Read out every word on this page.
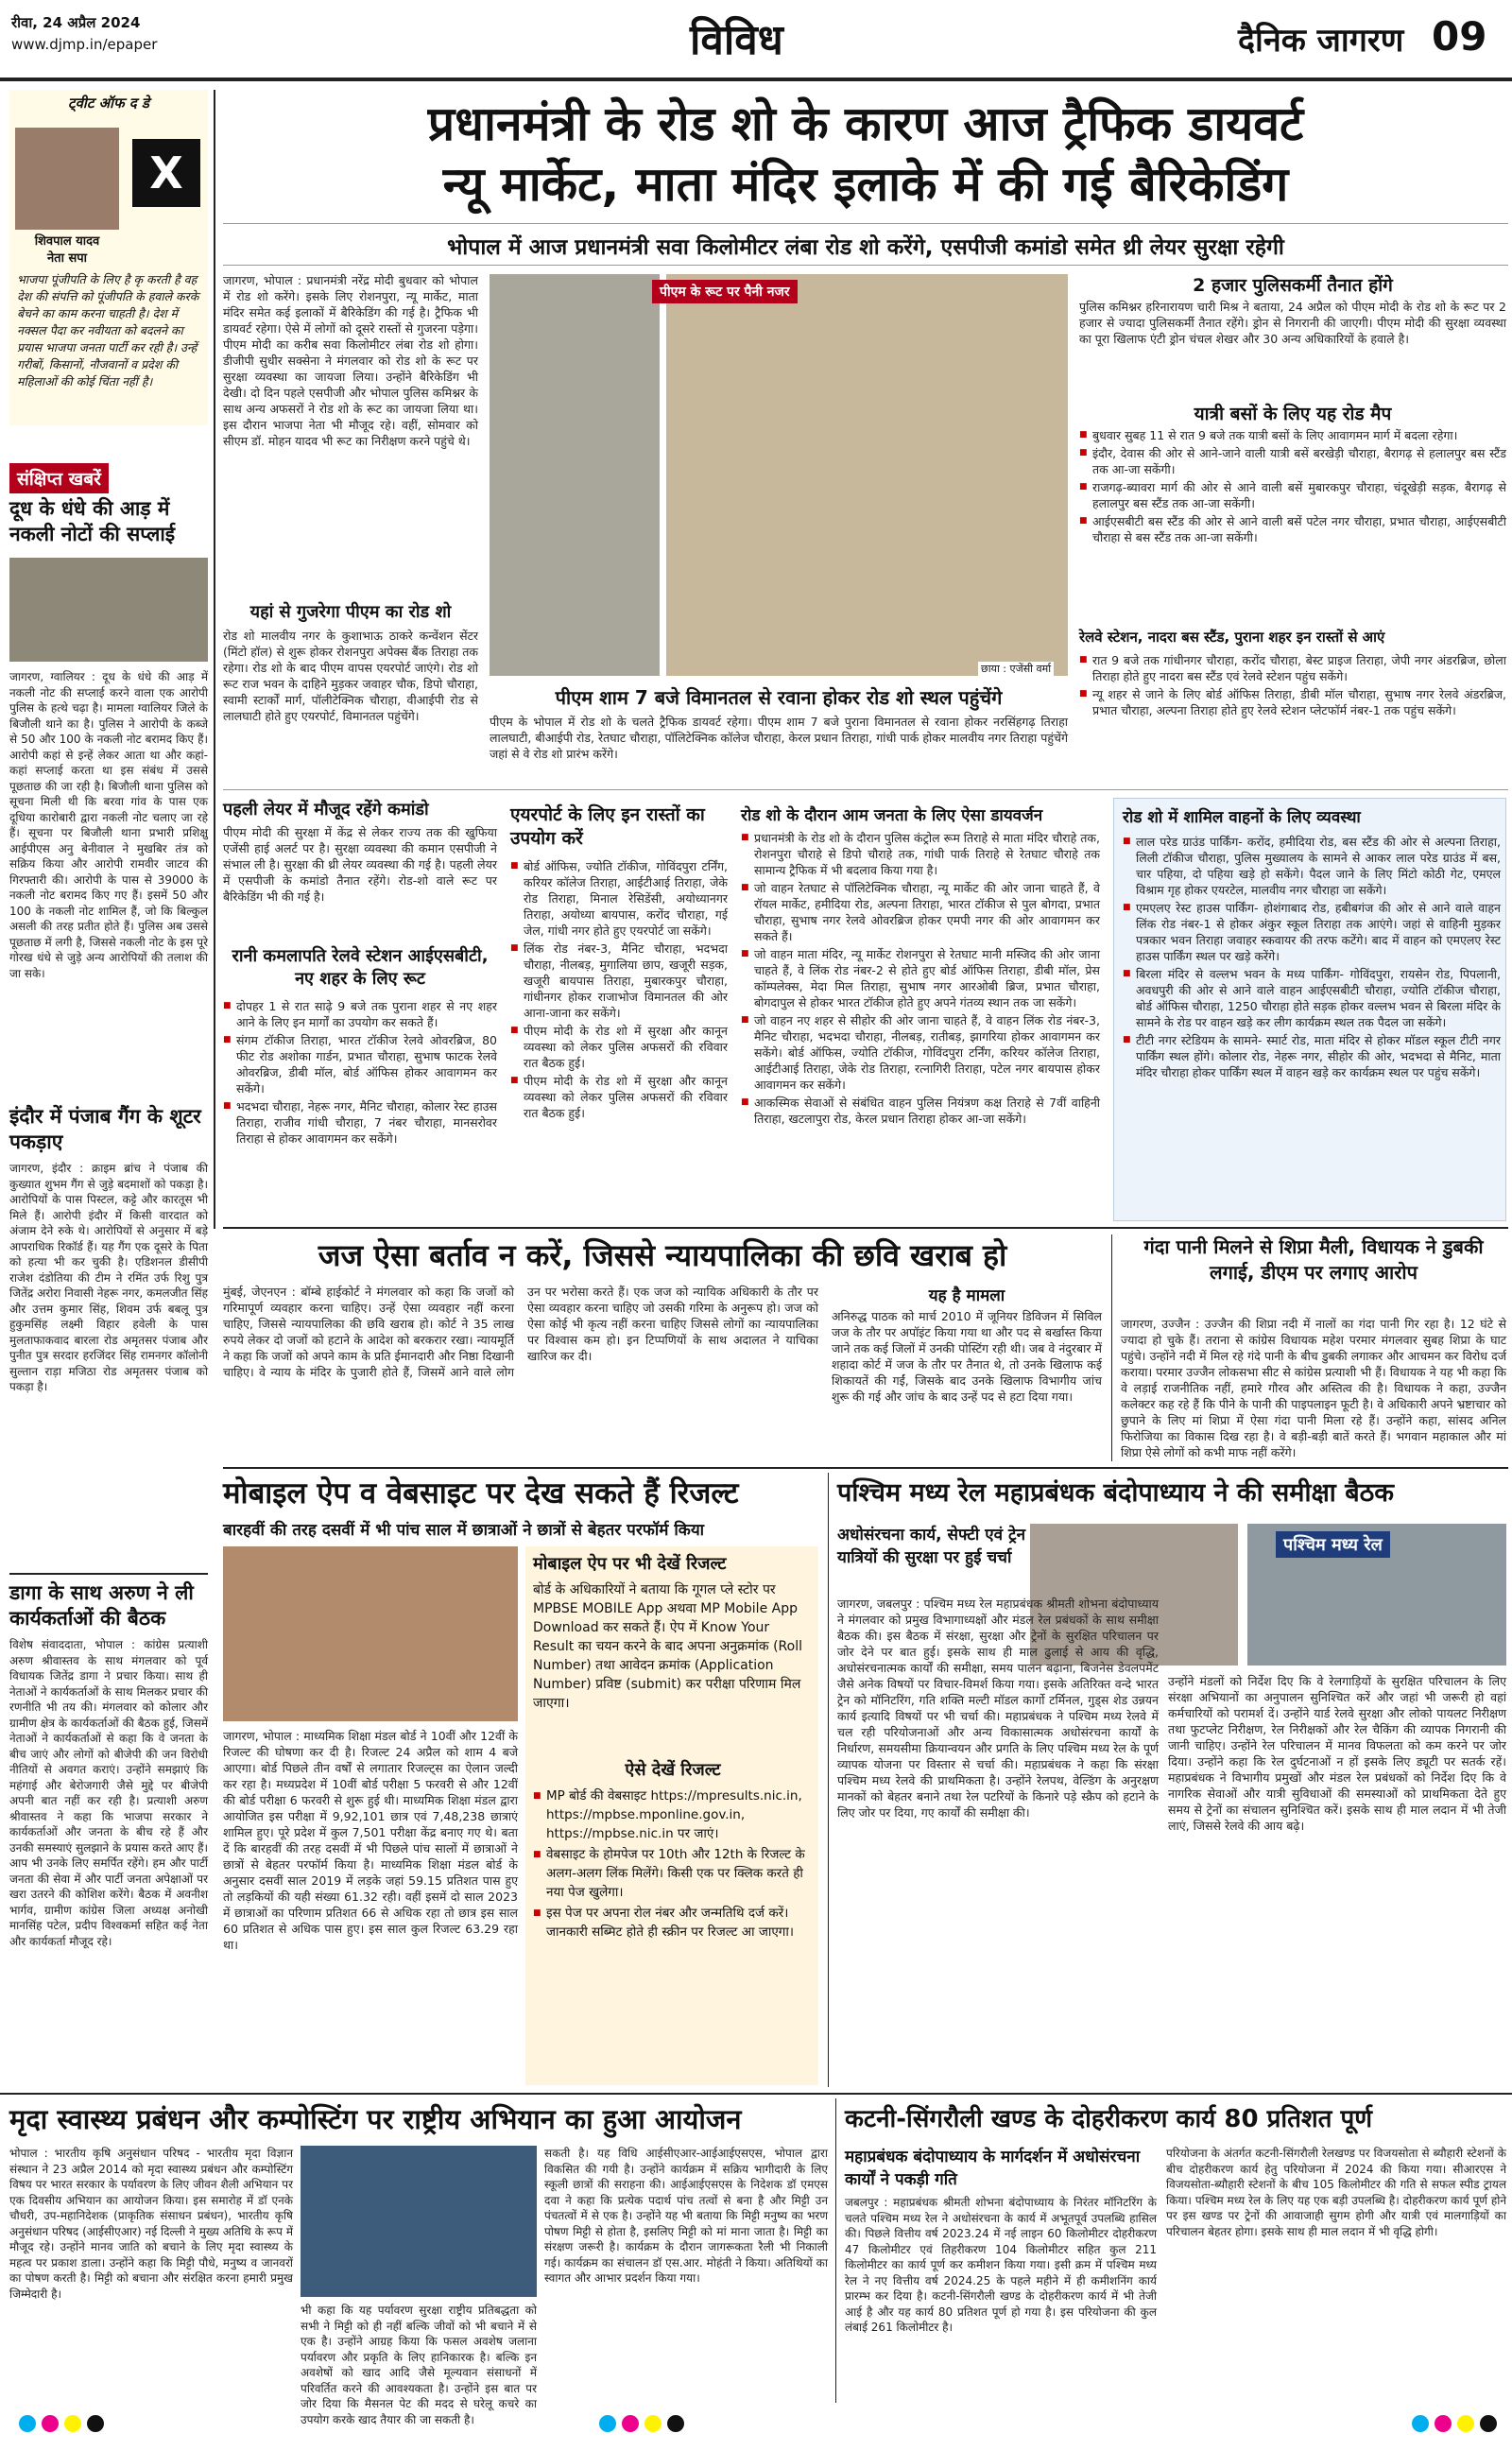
रीवा, 24 अप्रैल 2024
www.djmp.in/epaper	विविध	दैनिक जागरण 09
ट्वीट ऑफ द डे
X
शिवपाल यादव
नेता सपा
भाजपा पूंजीपति के लिए है कृ करती है वह देश की संपत्ति को पूंजीपति के हवाले करके बेचने का काम करना चाहती है। देश में नक्सल पैदा कर नवीयता को बदलने का प्रयास भाजपा जनता पार्टी कर रही है। उन्हें गरीबों, किसानों, नौजवानों व प्रदेश की महिलाओं की कोई चिंता नहीं है।
संक्षिप्त खबरें
दूध के धंधे की आड़ में नकली नोटों की सप्लाई
जागरण, ग्वालियर : दूध के धंधे की आड़ में नकली नोट की सप्लाई करने वाला एक आरोपी पुलिस के हत्थे चढ़ा है। मामला ग्वालियर जिले के बिजौली थाने का है। पुलिस ने आरोपी के कब्जे से 50 और 100 के नकली नोट बरामद किए हैं। आरोपी कहां से इन्हें लेकर आता था और कहां-कहां सप्लाई करता था इस संबंध में उससे पूछताछ की जा रही है। बिजौली थाना पुलिस को सूचना मिली थी कि बरवा गांव के पास एक दूधिया कारोबारी द्वारा नकली नोट चलाए जा रहे हैं। सूचना पर बिजौली थाना प्रभारी प्रशिक्षु आईपीएस अनु बेनीवाल ने मुखबिर तंत्र को सक्रिय किया और आरोपी रामवीर जाटव की गिरफ्तारी की। आरोपी के पास से 39000 के नकली नोट बरामद किए गए हैं। इसमें 50 और 100 के नकली नोट शामिल हैं, जो कि बिल्कुल असली की तरह प्रतीत होते हैं। पुलिस अब उससे पूछताछ में लगी है, जिससे नकली नोट के इस पूरे गोरख धंधे से जुड़े अन्य आरोपियों की तलाश की जा सके।
इंदौर में पंजाब गैंग के शूटर पकड़ाए
जागरण, इंदौर : क्राइम ब्रांच ने पंजाब की कुख्यात शुभम गैंग से जुड़े बदमाशों को पकड़ा है। आरोपियों के पास पिस्टल, कट्टे और कारतूस भी मिले हैं। आरोपी इंदौर में किसी वारदात को अंजाम देने रुके थे। आरोपियों से अनुसार में बड़े आपराधिक रिकॉर्ड हैं। यह गैंग एक दूसरे के पिता को हत्या भी कर चुकी है। एडिशनल डीसीपी राजेश दंडोतिया की टीम ने रमिंत उर्फ रिशु पुत्र जितेंद्र अरोरा निवासी नेहरू नगर, कमलजीत सिंह और उत्तम कुमार सिंह, शिवम उर्फ बबलू पुत्र हुकुमसिंह लक्ष्मी विहार हवेली के पास मुलताफाकवाद बारला रोड अमृतसर पंजाब और पुनीत पुत्र सरदार हरजिंदर सिंह रामनगर कॉलोनी सुल्तान राड़ा मजिठा रोड अमृतसर पंजाब को पकड़ा है।
डागा के साथ अरुण ने ली कार्यकर्ताओं की बैठक
विशेष संवाददाता, भोपाल : कांग्रेस प्रत्याशी अरुण श्रीवास्तव के साथ मंगलवार को पूर्व विधायक जितेंद्र डागा ने प्रचार किया। साथ ही नेताओं ने कार्यकर्ताओं के साथ मिलकर प्रचार की रणनीति भी तय की। मंगलवार को कोलार और ग्रामीण क्षेत्र के कार्यकर्ताओं की बैठक हुई, जिसमें नेताओं ने कार्यकर्ताओं से कहा कि वे जनता के बीच जाएं और लोगों को बीजेपी की जन विरोधी नीतियों से अवगत कराएं। उन्होंने समझाएं कि महंगाई और बेरोजगारी जैसे मुद्दे पर बीजेपी अपनी बात नहीं कर रही है। प्रत्याशी अरुण श्रीवास्तव ने कहा कि भाजपा सरकार ने कार्यकर्ताओं और जनता के बीच रहे हैं और उनकी समस्याएं सुलझाने के प्रयास करते आए हैं। आप भी उनके लिए समर्पित रहेंगे। हम और पार्टी जनता की सेवा में और पार्टी जनता अपेक्षाओं पर खरा उतरने की कोशिश करेंगे। बैठक में अवनीश भार्गव, ग्रामीण कांग्रेस जिला अध्यक्ष अनोखी मानसिंह पटेल, प्रदीप विश्वकर्मा सहित कई नेता और कार्यकर्ता मौजूद रहे।
प्रधानमंत्री के रोड शो के कारण आज ट्रैफिक डायवर्ट
न्यू मार्केट, माता मंदिर इलाके में की गई बैरिकेडिंग
भोपाल में आज प्रधानमंत्री सवा किलोमीटर लंबा रोड शो करेंगे, एसपीजी कमांडो समेत थ्री लेयर सुरक्षा रहेगी
जागरण, भोपाल : प्रधानमंत्री नरेंद्र मोदी बुधवार को भोपाल में रोड शो करेंगे। इसके लिए रोशनपुरा, न्यू मार्केट, माता मंदिर समेत कई इलाकों में बैरिकेडिंग की गई है। ट्रैफिक भी डायवर्ट रहेगा। ऐसे में लोगों को दूसरे रास्तों से गुजरना पड़ेगा। पीएम मोदी का करीब सवा किलोमीटर लंबा रोड शो होगा। डीजीपी सुधीर सक्सेना ने मंगलवार को रोड शो के रूट पर सुरक्षा व्यवस्था का जायजा लिया। उन्होंने बैरिकेडिंग भी देखी। दो दिन पहले एसपीजी और भोपाल पुलिस कमिश्नर के साथ अन्य अफसरों ने रोड शो के रूट का जायजा लिया था। इस दौरान भाजपा नेता भी मौजूद रहे। वहीं, सोमवार को सीएम डॉ. मोहन यादव भी रूट का निरीक्षण करने पहुंचे थे।
यहां से गुजरेगा पीएम का रोड शो
रोड शो मालवीय नगर के कुशाभाऊ ठाकरे कन्वेंशन सेंटर (मिंटो हॉल) से शुरू होकर रोशनपुरा अपेक्स बैंक तिराहा तक रहेगा। रोड शो के बाद पीएम वापस एयरपोर्ट जाएंगे। रोड शो रूट राज भवन के दाहिने मुड़कर जवाहर चौक, डिपो चौराहा, स्वामी स्टार्कों मार्ग, पॉलीटेक्निक चौराहा, वीआईपी रोड से लालघाटी होते हुए एयरपोर्ट, विमानतल पहुंचेंगे।
पीएम के रूट पर पैनी नजर
छाया : एजेंसी वर्मा
पीएम शाम 7 बजे विमानतल से रवाना होकर रोड शो स्थल पहुंचेंगे
पीएम के भोपाल में रोड शो के चलते ट्रैफिक डायवर्ट रहेगा। पीएम शाम 7 बजे पुराना विमानतल से रवाना होकर नरसिंहगढ़ तिराहा लालघाटी, बीआईपी रोड, रेतघाट चौराहा, पॉलिटेक्निक कॉलेज चौराहा, केरल प्रधान तिराहा, गांधी पार्क होकर मालवीय नगर तिराहा पहुंचेंगे जहां से वे रोड शो प्रारंभ करेंगे।
2 हजार पुलिसकर्मी तैनात होंगे
पुलिस कमिश्नर हरिनारायण चारी मिश्र ने बताया, 24 अप्रैल को पीएम मोदी के रोड शो के रूट पर 2 हजार से ज्यादा पुलिसकर्मी तैनात रहेंगे। ड्रोन से निगरानी की जाएगी। पीएम मोदी की सुरक्षा व्यवस्था का पूरा खिलाफ एंटी ड्रोन चंचल शेखर और 30 अन्य अधिकारियों के हवाले है।
यात्री बसों के लिए यह रोड मैप
■ बुधवार सुबह 11 से रात 9 बजे तक यात्री बसों के लिए आवागमन मार्ग में बदला रहेगा।
■ इंदौर, देवास की ओर से आने-जाने वाली यात्री बसें बरखेड़ी चौराहा, बैरागढ़ से हलालपुर बस स्टैंड तक आ-जा सकेंगी।
■ राजगढ़-ब्यावरा मार्ग की ओर से आने वाली बसें मुबारकपुर चौराहा, चंदूखेड़ी सड़क, बैरागढ़ से हलालपुर बस स्टैंड तक आ-जा सकेंगी।
■ आईएसबीटी बस स्टैंड की ओर से आने वाली बसें पटेल नगर चौराहा, प्रभात चौराहा, आईएसबीटी चौराहा से बस स्टैंड तक आ-जा सकेंगी।
रेलवे स्टेशन, नादरा बस स्टैंड, पुराना शहर इन रास्तों से आएं
■ रात 9 बजे तक गांधीनगर चौराहा, करोंद चौराहा, बेस्ट प्राइज तिराहा, जेपी नगर अंडरब्रिज, छोला तिराहा होते हुए नादरा बस स्टैंड एवं रेलवे स्टेशन पहुंच सकेंगे।
■ न्यू शहर से जाने के लिए बोर्ड ऑफिस तिराहा, डीबी मॉल चौराहा, सुभाष नगर रेलवे अंडरब्रिज, प्रभात चौराहा, अल्पना तिराहा होते हुए रेलवे स्टेशन प्लेटफॉर्म नंबर-1 तक पहुंच सकेंगे।
पहली लेयर में मौजूद रहेंगे कमांडो
पीएम मोदी की सुरक्षा में केंद्र से लेकर राज्य तक की खुफिया एजेंसी हाई अलर्ट पर है। सुरक्षा व्यवस्था की कमान एसपीजी ने संभाल ली है। सुरक्षा की थ्री लेयर व्यवस्था की गई है। पहली लेयर में एसपीजी के कमांडो तैनात रहेंगे। रोड-शो वाले रूट पर बैरिकेडिंग भी की गई है।
रानी कमलापति रेलवे स्टेशन आईएसबीटी, नए शहर के लिए रूट
■ दोपहर 1 से रात साढ़े 9 बजे तक पुराना शहर से नए शहर आने के लिए इन मार्गों का उपयोग कर सकते हैं।
■ संगम टॉकीज तिराहा, भारत टॉकीज रेलवे ओवरब्रिज, 80 फीट रोड अशोका गार्डन, प्रभात चौराहा, सुभाष फाटक रेलवे ओवरब्रिज, डीबी मॉल, बोर्ड ऑफिस होकर आवागमन कर सकेंगे।
■ भदभदा चौराहा, नेहरू नगर, मैनिट चौराहा, कोलार रेस्ट हाउस तिराहा, राजीव गांधी चौराहा, 7 नंबर चौराहा, मानसरोवर तिराहा से होकर आवागमन कर सकेंगे।
एयरपोर्ट के लिए इन रास्तों का उपयोग करें
■ बोर्ड ऑफिस, ज्योति टॉकीज, गोविंदपुरा टर्निंग, करियर कॉलेज तिराहा, आईटीआई तिराहा, जेके रोड तिराहा, मिनाल रेसिडेंसी, अयोध्यानगर तिराहा, अयोध्या बायपास, करोंद चौराहा, गई जेल, गांधी नगर होते हुए एयरपोर्ट जा सकेंगे।
■ लिंक रोड नंबर-3, मैनिट चौराहा, भदभदा चौराहा, नीलबड़, मुगालिया छाप, खजूरी सड़क, खजूरी बायपास तिराहा, मुबारकपुर चौराहा, गांधीनगर होकर राजाभोज विमानतल की ओर आना-जाना कर सकेंगे।
■ पीएम मोदी के रोड शो में सुरक्षा और कानून व्यवस्था को लेकर पुलिस अफसरों की रविवार रात बैठक हुई।
■ पीएम मोदी के रोड शो में सुरक्षा और कानून व्यवस्था को लेकर पुलिस अफसरों की रविवार रात बैठक हुई।
रोड शो के दौरान आम जनता के लिए ऐसा डायवर्जन
■ प्रधानमंत्री के रोड शो के दौरान पुलिस कंट्रोल रूम तिराहे से माता मंदिर चौराहे तक, रोशनपुरा चौराहे से डिपो चौराहे तक, गांधी पार्क तिराहे से रेतघाट चौराहे तक सामान्य ट्रैफिक में भी बदलाव किया गया है।
■ जो वाहन रेतघाट से पॉलिटेक्निक चौराहा, न्यू मार्केट की ओर जाना चाहते हैं, वे रॉयल मार्केट, हमीदिया रोड, अल्पना तिराहा, भारत टॉकीज से पुल बोगदा, प्रभात चौराहा, सुभाष नगर रेलवे ओवरब्रिज होकर एमपी नगर की ओर आवागमन कर सकते हैं।
■ जो वाहन माता मंदिर, न्यू मार्केट रोशनपुरा से रेतघाट मानी मस्जिद की ओर जाना चाहते हैं, वे लिंक रोड नंबर-2 से होते हुए बोर्ड ऑफिस तिराहा, डीबी मॉल, प्रेस कॉम्पलेक्स, मेदा मिल तिराहा, सुभाष नगर आरओबी ब्रिज, प्रभात चौराहा, बोगदापुल से होकर भारत टॉकीज होते हुए अपने गंतव्य स्थान तक जा सकेंगे।
■ जो वाहन नए शहर से सीहोर की ओर जाना चाहते हैं, वे वाहन लिंक रोड नंबर-3, मैनिट चौराहा, भदभदा चौराहा, नीलबड़, रातीबड़, झागरिया होकर आवागमन कर सकेंगे। बोर्ड ऑफिस, ज्योति टॉकीज, गोविंदपुरा टर्निंग, करियर कॉलेज तिराहा, आईटीआई तिराहा, जेके रोड तिराहा, रत्नागिरी तिराहा, पटेल नगर बायपास होकर आवागमन कर सकेंगे।
■ आकस्मिक सेवाओं से संबंधित वाहन पुलिस नियंत्रण कक्ष तिराहे से 7वीं वाहिनी तिराहा, खटलापुरा रोड, केरल प्रधान तिराहा होकर आ-जा सकेंगे।
रोड शो में शामिल वाहनों के लिए व्यवस्था
■ लाल परेड ग्राउंड पार्किंग- करोंद, हमीदिया रोड, बस स्टैंड की ओर से अल्पना तिराहा, लिली टॉकीज चौराहा, पुलिस मुख्यालय के सामने से आकर लाल परेड ग्राउंड में बस, चार पहिया, दो पहिया खड़े हो सकेंगे। पैदल जाने के लिए मिंटो कोठी गेट, एमएल विश्राम गृह होकर एयरटेल, मालवीय नगर चौराहा जा सकेंगे।
■ एमएलए रेस्ट हाउस पार्किंग- होशंगाबाद रोड, हबीबगंज की ओर से आने वाले वाहन लिंक रोड नंबर-1 से होकर अंकुर स्कूल तिराहा तक आएंगे। जहां से वाहिनी मुड़कर पत्रकार भवन तिराहा जवाहर स्कवायर की तरफ कटेंगे। बाद में वाहन को एमएलए रेस्ट हाउस पार्किंग स्थल पर खड़े करेंगे।
■ बिरला मंदिर से वल्लभ भवन के मध्य पार्किंग- गोविंदपुरा, रायसेन रोड, पिपलानी, अवधपुरी की ओर से आने वाले वाहन आईएसबीटी चौराहा, ज्योति टॉकीज चौराहा, बोर्ड ऑफिस चौराहा, 1250 चौराहा होते सड़क होकर वल्लभ भवन से बिरला मंदिर के सामने के रोड पर वाहन खड़े कर लीग कार्यक्रम स्थल तक पैदल जा सकेंगे।
■ टीटी नगर स्टेडियम के सामने- स्मार्ट रोड, माता मंदिर से होकर मॉडल स्कूल टीटी नगर पार्किंग स्थल होंगे। कोलार रोड, नेहरू नगर, सीहोर की ओर, भदभदा से मैनिट, माता मंदिर चौराहा होकर पार्किंग स्थल में वाहन खड़े कर कार्यक्रम स्थल पर पहुंच सकेंगे।
जज ऐसा बर्ताव न करें, जिससे न्यायपालिका की छवि खराब हो
मुंबई, जेएनएन : बॉम्बे हाईकोर्ट ने मंगलवार को कहा कि जजों को गरिमापूर्ण व्यवहार करना चाहिए। उन्हें ऐसा व्यवहार नहीं करना चाहिए, जिससे न्यायपालिका की छवि खराब हो। कोर्ट ने 35 लाख रुपये लेकर दो जजों को हटाने के आदेश को बरकरार रखा। न्यायमूर्ति ने कहा कि जजों को अपने काम के प्रति ईमानदारी और निष्ठा दिखानी चाहिए। वे न्याय के मंदिर के पुजारी होते हैं, जिसमें आने वाले लोग उन पर भरोसा करते हैं। एक जज को न्यायिक अधिकारी के तौर पर ऐसा व्यवहार करना चाहिए जो उसकी गरिमा के अनुरूप हो। जज को ऐसा कोई भी कृत्य नहीं करना चाहिए जिससे लोगों का न्यायपालिका पर विश्वास कम हो। इन टिप्पणियों के साथ अदालत ने याचिका खारिज कर दी।
यह है मामला
अनिरुद्ध पाठक को मार्च 2010 में जूनियर डिविजन में सिविल जज के तौर पर अपॉइंट किया गया था और पद से बर्खास्त किया जाने तक कई जिलों में उनकी पोस्टिंग रही थी। जब वे नंदुरबार में शहादा कोर्ट में जज के तौर पर तैनात थे, तो उनके खिलाफ कई शिकायतें की गईं, जिसके बाद उनके खिलाफ विभागीय जांच शुरू की गई और जांच के बाद उन्हें पद से हटा दिया गया।
गंदा पानी मिलने से शिप्रा मैली, विधायक ने डुबकी लगाई, डीएम पर लगाए आरोप
जागरण, उज्जैन : उज्जैन की शिप्रा नदी में नालों का गंदा पानी गिर रहा है। 12 घंटे से ज्यादा हो चुके हैं। तराना से कांग्रेस विधायक महेश परमार मंगलवार सुबह शिप्रा के घाट पहुंचे। उन्होंने नदी में मिल रहे गंदे पानी के बीच डुबकी लगाकर और आचमन कर विरोध दर्ज कराया। परमार उज्जैन लोकसभा सीट से कांग्रेस प्रत्याशी भी हैं। विधायक ने यह भी कहा कि वे लड़ाई राजनीतिक नहीं, हमारे गौरव और अस्तित्व की है। विधायक ने कहा, उज्जैन कलेक्टर कह रहे हैं कि पीने के पानी की पाइपलाइन फूटी है। वे अधिकारी अपने भ्रष्टाचार को छुपाने के लिए मां शिप्रा में ऐसा गंदा पानी मिला रहे हैं। उन्होंने कहा, सांसद अनिल फिरोजिया का विकास दिख रहा है। वे बड़ी-बड़ी बातें करते हैं। भगवान महाकाल और मां शिप्रा ऐसे लोगों को कभी माफ नहीं करेंगे।
मोबाइल ऐप व वेबसाइट पर देख सकते हैं रिजल्ट
बारहवीं की तरह दसवीं में भी पांच साल में छात्राओं ने छात्रों से बेहतर परफॉर्म किया
जागरण, भोपाल : माध्यमिक शिक्षा मंडल बोर्ड ने 10वीं और 12वीं के रिजल्ट की घोषणा कर दी है। रिजल्ट 24 अप्रैल को शाम 4 बजे आएगा। बोर्ड पिछले तीन वर्षों से लगातार रिजल्ट्स का ऐलान जल्दी कर रहा है। मध्यप्रदेश में 10वीं बोर्ड परीक्षा 5 फरवरी से और 12वीं की बोर्ड परीक्षा 6 फरवरी से शुरू हुई थी। माध्यमिक शिक्षा मंडल द्वारा आयोजित इस परीक्षा में 9,92,101 छात्र एवं 7,48,238 छात्राएं शामिल हुए। पूरे प्रदेश में कुल 7,501 परीक्षा केंद्र बनाए गए थे। बता दें कि बारहवीं की तरह दसवीं में भी पिछले पांच सालों में छात्राओं ने छात्रों से बेहतर परफॉर्म किया है। माध्यमिक शिक्षा मंडल बोर्ड के अनुसार दसवीं साल 2019 में लड़के जहां 59.15 प्रतिशत पास हुए तो लड़कियों की यही संख्या 61.32 रही। वहीं इसमें दो साल 2023 में छात्राओं का परिणाम प्रतिशत 66 से अधिक रहा तो छात्र इस साल 60 प्रतिशत से अधिक पास हुए। इस साल कुल रिजल्ट 63.29 रहा था।
मोबाइल ऐप पर भी देखें रिजल्ट
बोर्ड के अधिकारियों ने बताया कि गूगल प्ले स्टोर पर MPBSE MOBILE App अथवा MP Mobile App Download कर सकते हैं। ऐप में Know Your Result का चयन करने के बाद अपना अनुक्रमांक (Roll Number) तथा आवेदन क्रमांक (Application Number) प्रविष्ट (submit) कर परीक्षा परिणाम मिल जाएगा।
ऐसे देखें रिजल्ट
■ MP बोर्ड की वेबसाइट https://mpresults.nic.in, https://mpbse.mponline.gov.in, https://mpbse.nic.in पर जाएं।
■ वेबसाइट के होमपेज पर 10th और 12th के रिजल्ट के अलग-अलग लिंक मिलेंगे। किसी एक पर क्लिक करते ही नया पेज खुलेगा।
■ इस पेज पर अपना रोल नंबर और जन्मतिथि दर्ज करें। जानकारी सब्मिट होते ही स्क्रीन पर रिजल्ट आ जाएगा।
पश्चिम मध्य रेल महाप्रबंधक बंदोपाध्याय ने की समीक्षा बैठक
अधोसंरचना कार्य, सेफ्टी एवं ट्रेन यात्रियों की सुरक्षा पर हुई चर्चा
पश्चिम मध्य रेल
जागरण, जबलपुर : पश्चिम मध्य रेल महाप्रबंधक श्रीमती शोभना बंदोपाध्याय ने मंगलवार को प्रमुख विभागाध्यक्षों और मंडल रेल प्रबंधकों के साथ समीक्षा बैठक की। इस बैठक में संरक्षा, सुरक्षा और ट्रेनों के सुरक्षित परिचालन पर जोर देने पर बात हुई। इसके साथ ही माल ढुलाई से आय की वृद्धि, अधोसंरचनात्मक कार्यों की समीक्षा, समय पालन बढ़ाना, बिजनेस डेवलपमेंट जैसे अनेक विषयों पर विचार-विमर्श किया गया। इसके अतिरिक्त वन्दे भारत ट्रेन को मॉनिटरिंग, गति शक्ति मल्टी मॉडल कार्गो टर्मिनल, गुड्स शेड उन्नयन कार्य इत्यादि विषयों पर भी चर्चा की। महाप्रबंधक ने पश्चिम मध्य रेलवे में चल रही परियोजनाओं और अन्य विकासात्मक अधोसंरचना कार्यों के निर्धारण, समयसीमा क्रियान्वयन और प्रगति के लिए पश्चिम मध्य रेल के पूर्ण व्यापक योजना पर विस्तार से चर्चा की। महाप्रबंधक ने कहा कि संरक्षा पश्चिम मध्य रेलवे की प्राथमिकता है। उन्होंने रेलपथ, वेल्डिंग के अनुरक्षण मानकों को बेहतर बनाने तथा रेल पटरियों के किनारे पड़े स्क्रैप को हटाने के लिए जोर पर दिया, गए कार्यों की समीक्षा की।
उन्होंने मंडलों को निर्देश दिए कि वे रेलगाड़ियों के सुरक्षित परिचालन के लिए संरक्षा अभियानों का अनुपालन सुनिश्चित करें और जहां भी जरूरी हो वहां कर्मचारियों को परामर्श दें। उन्होंने यार्ड रेलवे सुरक्षा और लोको पायलट निरीक्षण तथा फुटप्लेट निरीक्षण, रेल निरीक्षकों और रेल चैकिंग की व्यापक निगरानी की जानी चाहिए। उन्होंने रेल परिचालन में मानव विफलता को कम करने पर जोर दिया। उन्होंने कहा कि रेल दुर्घटनाओं न हों इसके लिए ड्यूटी पर सतर्क रहें। महाप्रबंधक ने विभागीय प्रमुखों और मंडल रेल प्रबंधकों को निर्देश दिए कि वे नागरिक सेवाओं और यात्री सुविधाओं की समस्याओं को प्राथमिकता देते हुए समय से ट्रेनों का संचालन सुनिश्चित करें। इसके साथ ही माल लदान में भी तेजी लाएं, जिससे रेलवे की आय बढ़े।
मृदा स्वास्थ्य प्रबंधन और कम्पोस्टिंग पर राष्ट्रीय अभियान का हुआ आयोजन
भोपाल : भारतीय कृषि अनुसंधान परिषद - भारतीय मृदा विज्ञान संस्थान ने 23 अप्रैल 2014 को मृदा स्वास्थ्य प्रबंधन और कम्पोस्टिंग विषय पर भारत सरकार के पर्यावरण के लिए जीवन शैली अभियान पर एक दिवसीय अभियान का आयोजन किया। इस समारोह में डॉ एनके चौधरी, उप-महानिदेशक (प्राकृतिक संसाधन प्रबंधन), भारतीय कृषि अनुसंधान परिषद (आईसीएआर) नई दिल्ली ने मुख्य अतिथि के रूप में मौजूद रहे। उन्होंने मानव जाति को बचाने के लिए मृदा स्वास्थ्य के महत्व पर प्रकाश डाला। उन्होंने कहा कि मिट्टी पौधे, मनुष्य व जानवरों का पोषण करती है। मिट्टी को बचाना और संरक्षित करना हमारी प्रमुख जिम्मेदारी है।
भी कहा कि यह पर्यावरण सुरक्षा राष्ट्रीय प्रतिबद्धता को सभी ने मिट्टी को ही नहीं बल्कि जीवों को भी बचाने में से एक है। उन्होंने आग्रह किया कि फसल अवशेष जलाना पर्यावरण और प्रकृति के लिए हानिकारक है। बल्कि इन अवशेषों को खाद आदि जैसे मूल्यवान संसाधनों में परिवर्तित करने की आवश्यकता है। उन्होंने इस बात पर जोर दिया कि मैसनल पेट की मदद से घरेलू कचरे का उपयोग करके खाद तैयार की जा सकती है।
सकती है। यह विधि आईसीएआर-आईआईएसएस, भोपाल द्वारा विकसित की गयी है। उन्होंने कार्यक्रम में सक्रिय भागीदारी के लिए स्कूली छात्रों की सराहना की। आईआईएसएस के निदेशक डॉ एमएस दवा ने कहा कि प्रत्येक पदार्थ पांच तत्वों से बना है और मिट्टी उन पंचतत्वों में से एक है। उन्होंने यह भी बताया कि मिट्टी मनुष्य का भरण पोषण मिट्टी से होता है, इसलिए मिट्टी को मां माना जाता है। मिट्टी का संरक्षण जरूरी है। कार्यक्रम के दौरान जागरूकता रैली भी निकाली गई। कार्यक्रम का संचालन डॉ एस.आर. मोहंती ने किया। अतिथियों का स्वागत और आभार प्रदर्शन किया गया।
कटनी-सिंगरौली खण्ड के दोहरीकरण कार्य 80 प्रतिशत पूर्ण
महाप्रबंधक बंदोपाध्याय के मार्गदर्शन में अधोसंरचना कार्यों ने पकड़ी गति
जबलपुर : महाप्रबंधक श्रीमती शोभना बंदोपाध्याय के निरंतर मॉनिटरिंग के चलते पश्चिम मध्य रेल ने अधोसंरचना के कार्य में अभूतपूर्व उपलब्धि हासिल की। पिछले वित्तीय वर्ष 2023.24 में नई लाइन 60 किलोमीटर दोहरीकरण 47 किलोमीटर एवं तिहरीकरण 104 किलोमीटर सहित कुल 211 किलोमीटर का कार्य पूर्ण कर कमीशन किया गया। इसी क्रम में पश्चिम मध्य रेल ने नए वित्तीय वर्ष 2024.25 के पहले महीने में ही कमीशनिंग कार्य प्रारम्भ कर दिया है। कटनी-सिंगरौली खण्ड के दोहरीकरण कार्य में भी तेजी आई है और यह कार्य 80 प्रतिशत पूर्ण हो गया है। इस परियोजना की कुल लंबाई 261 किलोमीटर है।
परियोजना के अंतर्गत कटनी-सिंगरौली रेलखण्ड पर विजयसोता से ब्यौहारी स्टेशनों के बीच दोहरीकरण कार्य हेतु परियोजना में 2024 की किया गया। सीआरएस ने विजयसोता-ब्यौहारी स्टेशनों के बीच 105 किलोमीटर की गति से सफल स्पीड ट्रायल किया। पश्चिम मध्य रेल के लिए यह एक बड़ी उपलब्धि है। दोहरीकरण कार्य पूर्ण होने पर इस खण्ड पर ट्रेनों की आवाजाही सुगम होगी और यात्री एवं मालगाड़ियों का परिचालन बेहतर होगा। इसके साथ ही माल लदान में भी वृद्धि होगी।
